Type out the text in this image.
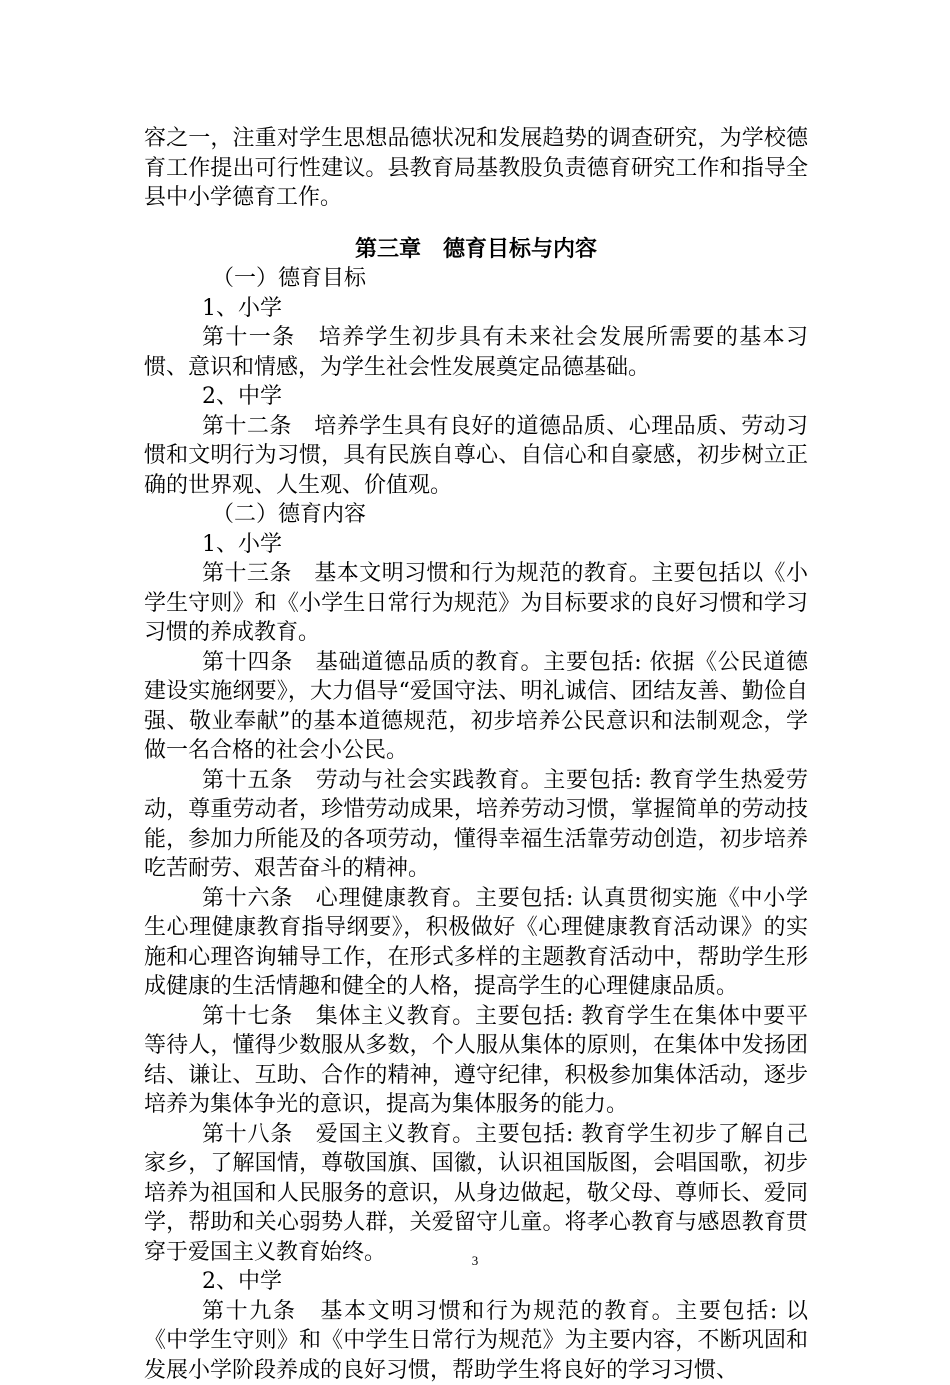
容之一，注重对学生思想品德状况和发展趋势的调查研究，为学校德育工作提出可行性建议。县教育局基教股负责德育研究工作和指导全县中小学德育工作。

第三章　德育目标与内容

（一）德育目标

1、小学

第十一条　培养学生初步具有未来社会发展所需要的基本习惯、意识和情感，为学生社会性发展奠定品德基础。

2、中学

第十二条　培养学生具有良好的道德品质、心理品质、劳动习惯和文明行为习惯，具有民族自尊心、自信心和自豪感，初步树立正确的世界观、人生观、价值观。

（二）德育内容

1、小学

第十三条　基本文明习惯和行为规范的教育。主要包括以《小学生守则》和《小学生日常行为规范》为目标要求的良好习惯和学习习惯的养成教育。

第十四条　基础道德品质的教育。主要包括: 依据《公民道德建设实施纲要》，大力倡导“爱国守法、明礼诚信、团结友善、勤俭自强、敬业奉献”的基本道德规范，初步培养公民意识和法制观念，学做一名合格的社会小公民。

第十五条　劳动与社会实践教育。主要包括: 教育学生热爱劳动，尊重劳动者，珍惜劳动成果，培养劳动习惯，掌握简单的劳动技能，参加力所能及的各项劳动，懂得幸福生活靠劳动创造，初步培养吃苦耐劳、艰苦奋斗的精神。

第十六条　心理健康教育。主要包括: 认真贯彻实施《中小学生心理健康教育指导纲要》，积极做好《心理健康教育活动课》的实施和心理咨询辅导工作，在形式多样的主题教育活动中，帮助学生形成健康的生活情趣和健全的人格，提高学生的心理健康品质。

第十七条　集体主义教育。主要包括: 教育学生在集体中要平等待人，懂得少数服从多数，个人服从集体的原则，在集体中发扬团结、谦让、互助、合作的精神，遵守纪律，积极参加集体活动，逐步培养为集体争光的意识，提高为集体服务的能力。

第十八条　爱国主义教育。主要包括: 教育学生初步了解自己家乡，了解国情，尊敬国旗、国徽，认识祖国版图，会唱国歌，初步培养为祖国和人民服务的意识，从身边做起，敬父母、尊师长、爱同学，帮助和关心弱势人群，关爱留守儿童。将孝心教育与感恩教育贯穿于爱国主义教育始终。

2、中学

第十九条　基本文明习惯和行为规范的教育。主要包括: 以《中学生守则》和《中学生日常行为规范》为主要内容，不断巩固和发展小学阶段养成的良好习惯，帮助学生将良好的学习习惯、

3
